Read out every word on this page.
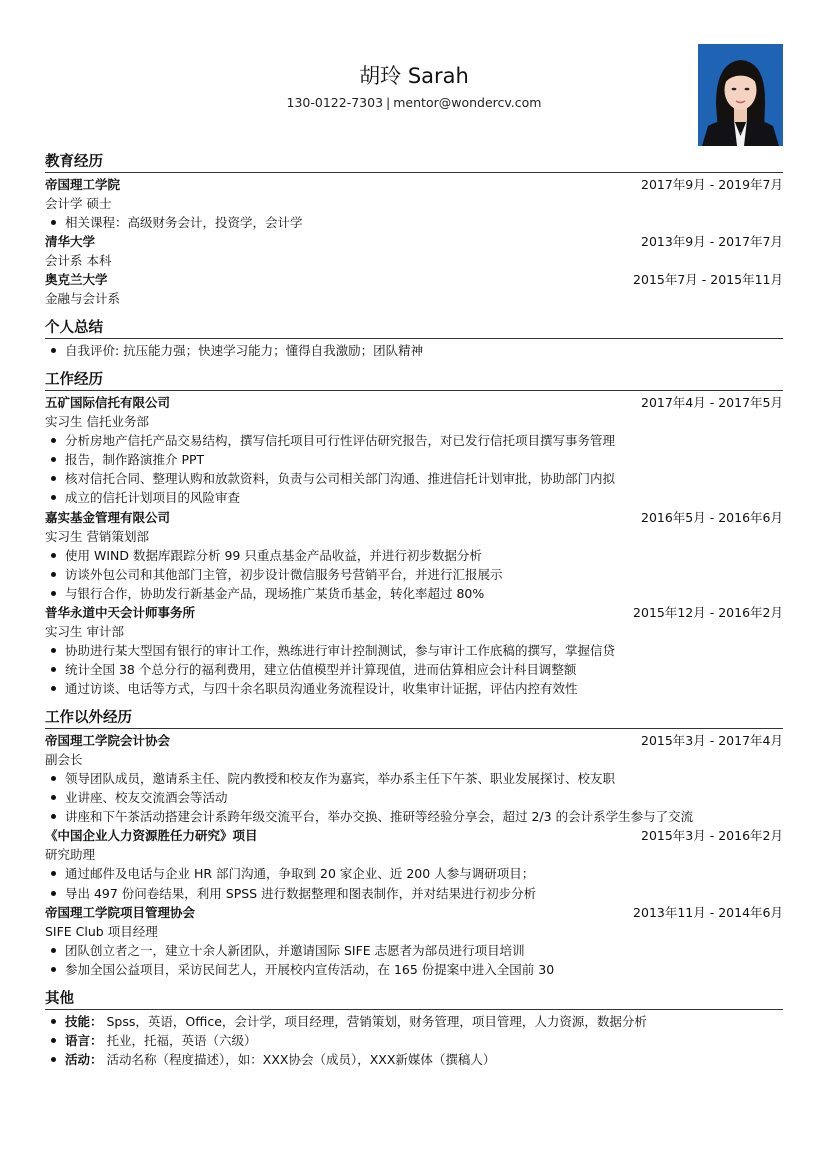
胡玲 Sarah
130-0122-7303 | mentor@wondercv.com
教育经历
帝国理工学院	2017年9月 - 2019年7月
会计学 硕士
相关课程：高级财务会计，投资学，会计学
清华大学	2013年9月 - 2017年7月
会计系 本科
奥克兰大学	2015年7月 - 2015年11月
金融与会计系
个人总结
自我评价: 抗压能力强；快速学习能力；懂得自我激励；团队精神
工作经历
五矿国际信托有限公司	2017年4月 - 2017年5月
实习生 信托业务部
分析房地产信托产品交易结构，撰写信托项目可行性评估研究报告，对已发行信托项目撰写事务管理
报告，制作路演推介 PPT
核对信托合同、整理认购和放款资料，负责与公司相关部门沟通、推进信托计划审批，协助部门内拟
成立的信托计划项目的风险审查
嘉实基金管理有限公司	2016年5月 - 2016年6月
实习生 营销策划部
使用 WIND 数据库跟踪分析 99 只重点基金产品收益，并进行初步数据分析
访谈外包公司和其他部门主管，初步设计微信服务号营销平台，并进行汇报展示
与银行合作，协助发行新基金产品，现场推广某货币基金，转化率超过 80%
普华永道中天会计师事务所	2015年12月 - 2016年2月
实习生 审计部
协助进行某大型国有银行的审计工作，熟练进行审计控制测试，参与审计工作底稿的撰写，掌握信贷
统计全国 38 个总分行的福利费用，建立估值模型并计算现值，进而估算相应会计科目调整额
通过访谈、电话等方式，与四十余名职员沟通业务流程设计，收集审计证据，评估内控有效性
工作以外经历
帝国理工学院会计协会	2015年3月 - 2017年4月
副会长
领导团队成员，邀请系主任、院内教授和校友作为嘉宾，举办系主任下午茶、职业发展探讨、校友职
业讲座、校友交流酒会等活动
讲座和下午茶活动搭建会计系跨年级交流平台，举办交换、推研等经验分享会，超过 2/3 的会计系学生参与了交流
《中国企业人力资源胜任力研究》项目	2015年3月 - 2016年2月
研究助理
通过邮件及电话与企业 HR 部门沟通，争取到 20 家企业、近 200 人参与调研项目；
导出 497 份问卷结果，利用 SPSS 进行数据整理和图表制作，并对结果进行初步分析
帝国理工学院项目管理协会	2013年11月 - 2014年6月
SIFE Club 项目经理
团队创立者之一，建立十余人新团队，并邀请国际 SIFE 志愿者为部员进行项目培训
参加全国公益项目，采访民间艺人，开展校内宣传活动，在 165 份提案中进入全国前 30
其他
技能： Spss，英语，Office，会计学，项目经理，营销策划，财务管理，项目管理，人力资源，数据分析
语言： 托业，托福，英语（六级）
活动： 活动名称（程度描述），如：XXX协会（成员），XXX新媒体（撰稿人）
